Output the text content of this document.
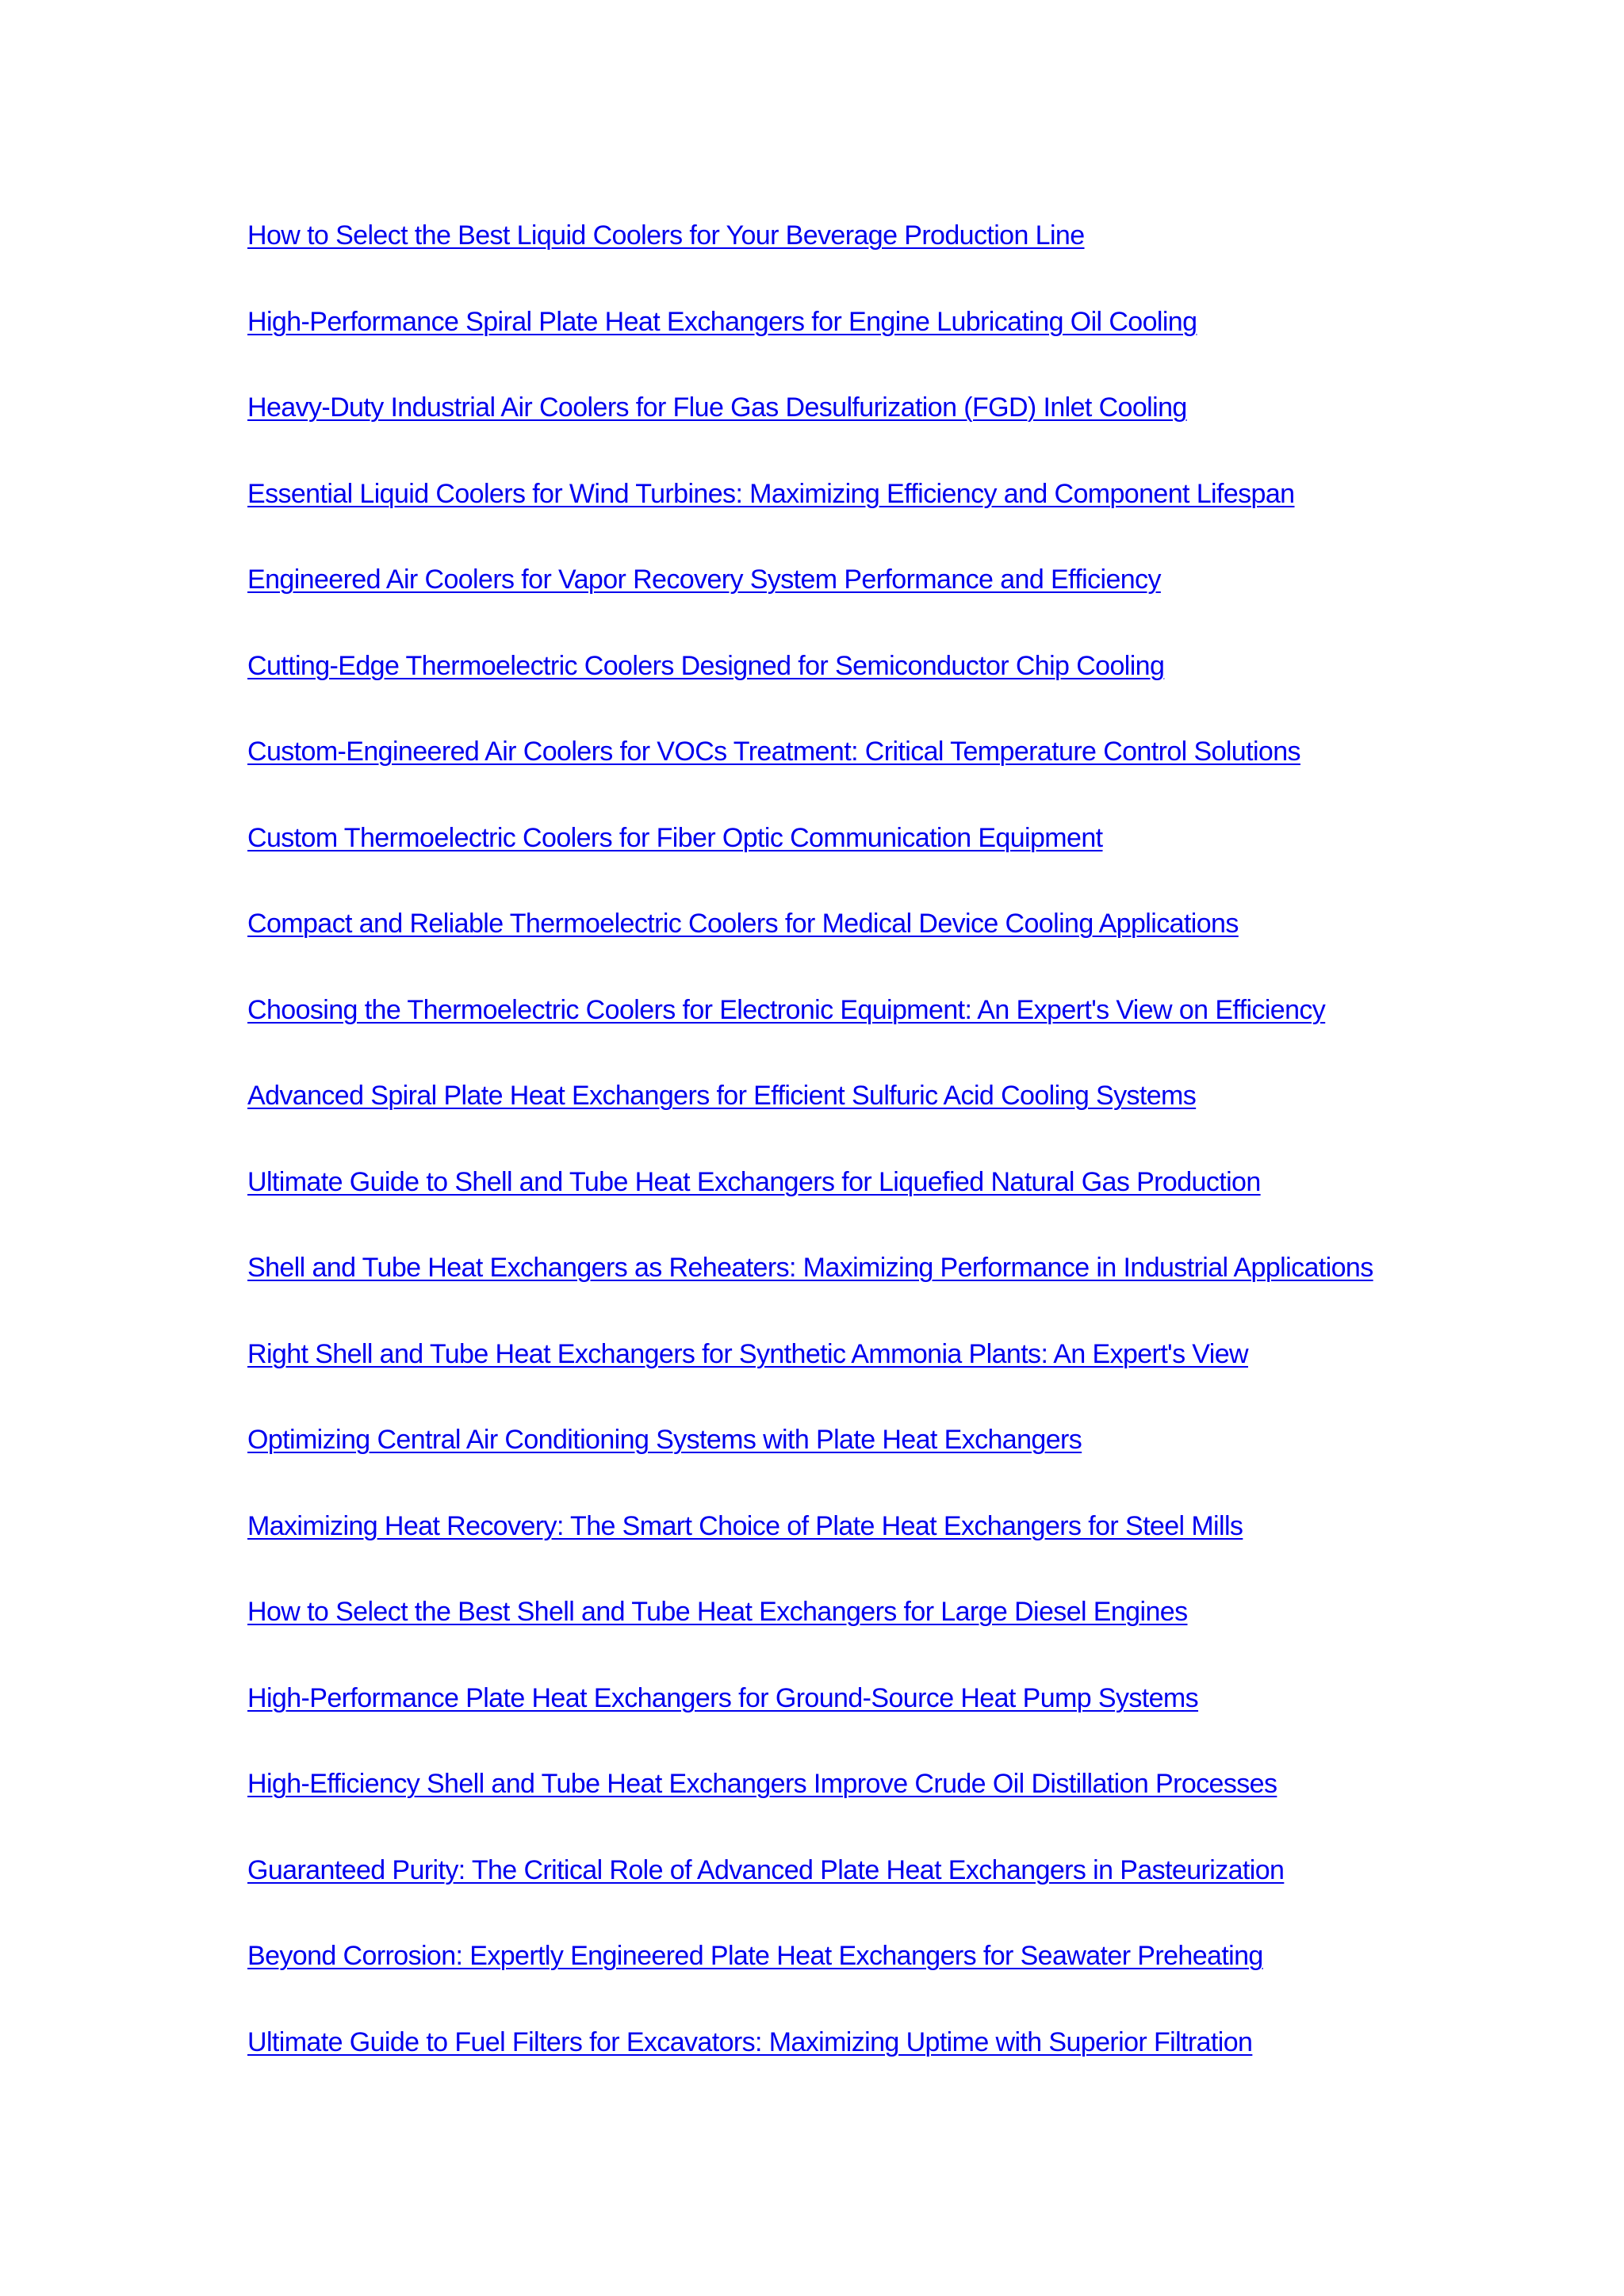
How to Select the Best Liquid Coolers for Your Beverage Production Line
High-Performance Spiral Plate Heat Exchangers for Engine Lubricating Oil Cooling
Heavy-Duty Industrial Air Coolers for Flue Gas Desulfurization (FGD) Inlet Cooling
Essential Liquid Coolers for Wind Turbines: Maximizing Efficiency and Component Lifespan
Engineered Air Coolers for Vapor Recovery System Performance and Efficiency
Cutting-Edge Thermoelectric Coolers Designed for Semiconductor Chip Cooling
Custom-Engineered Air Coolers for VOCs Treatment: Critical Temperature Control Solutions
Custom Thermoelectric Coolers for Fiber Optic Communication Equipment
Compact and Reliable Thermoelectric Coolers for Medical Device Cooling Applications
Choosing the Thermoelectric Coolers for Electronic Equipment: An Expert's View on Efficiency
Advanced Spiral Plate Heat Exchangers for Efficient Sulfuric Acid Cooling Systems
Ultimate Guide to Shell and Tube Heat Exchangers for Liquefied Natural Gas Production
Shell and Tube Heat Exchangers as Reheaters: Maximizing Performance in Industrial Applications
Right Shell and Tube Heat Exchangers for Synthetic Ammonia Plants: An Expert's View
Optimizing Central Air Conditioning Systems with Plate Heat Exchangers
Maximizing Heat Recovery: The Smart Choice of Plate Heat Exchangers for Steel Mills
How to Select the Best Shell and Tube Heat Exchangers for Large Diesel Engines
High-Performance Plate Heat Exchangers for Ground-Source Heat Pump Systems
High-Efficiency Shell and Tube Heat Exchangers Improve Crude Oil Distillation Processes
Guaranteed Purity: The Critical Role of Advanced Plate Heat Exchangers in Pasteurization
Beyond Corrosion: Expertly Engineered Plate Heat Exchangers for Seawater Preheating
Ultimate Guide to Fuel Filters for Excavators: Maximizing Uptime with Superior Filtration
